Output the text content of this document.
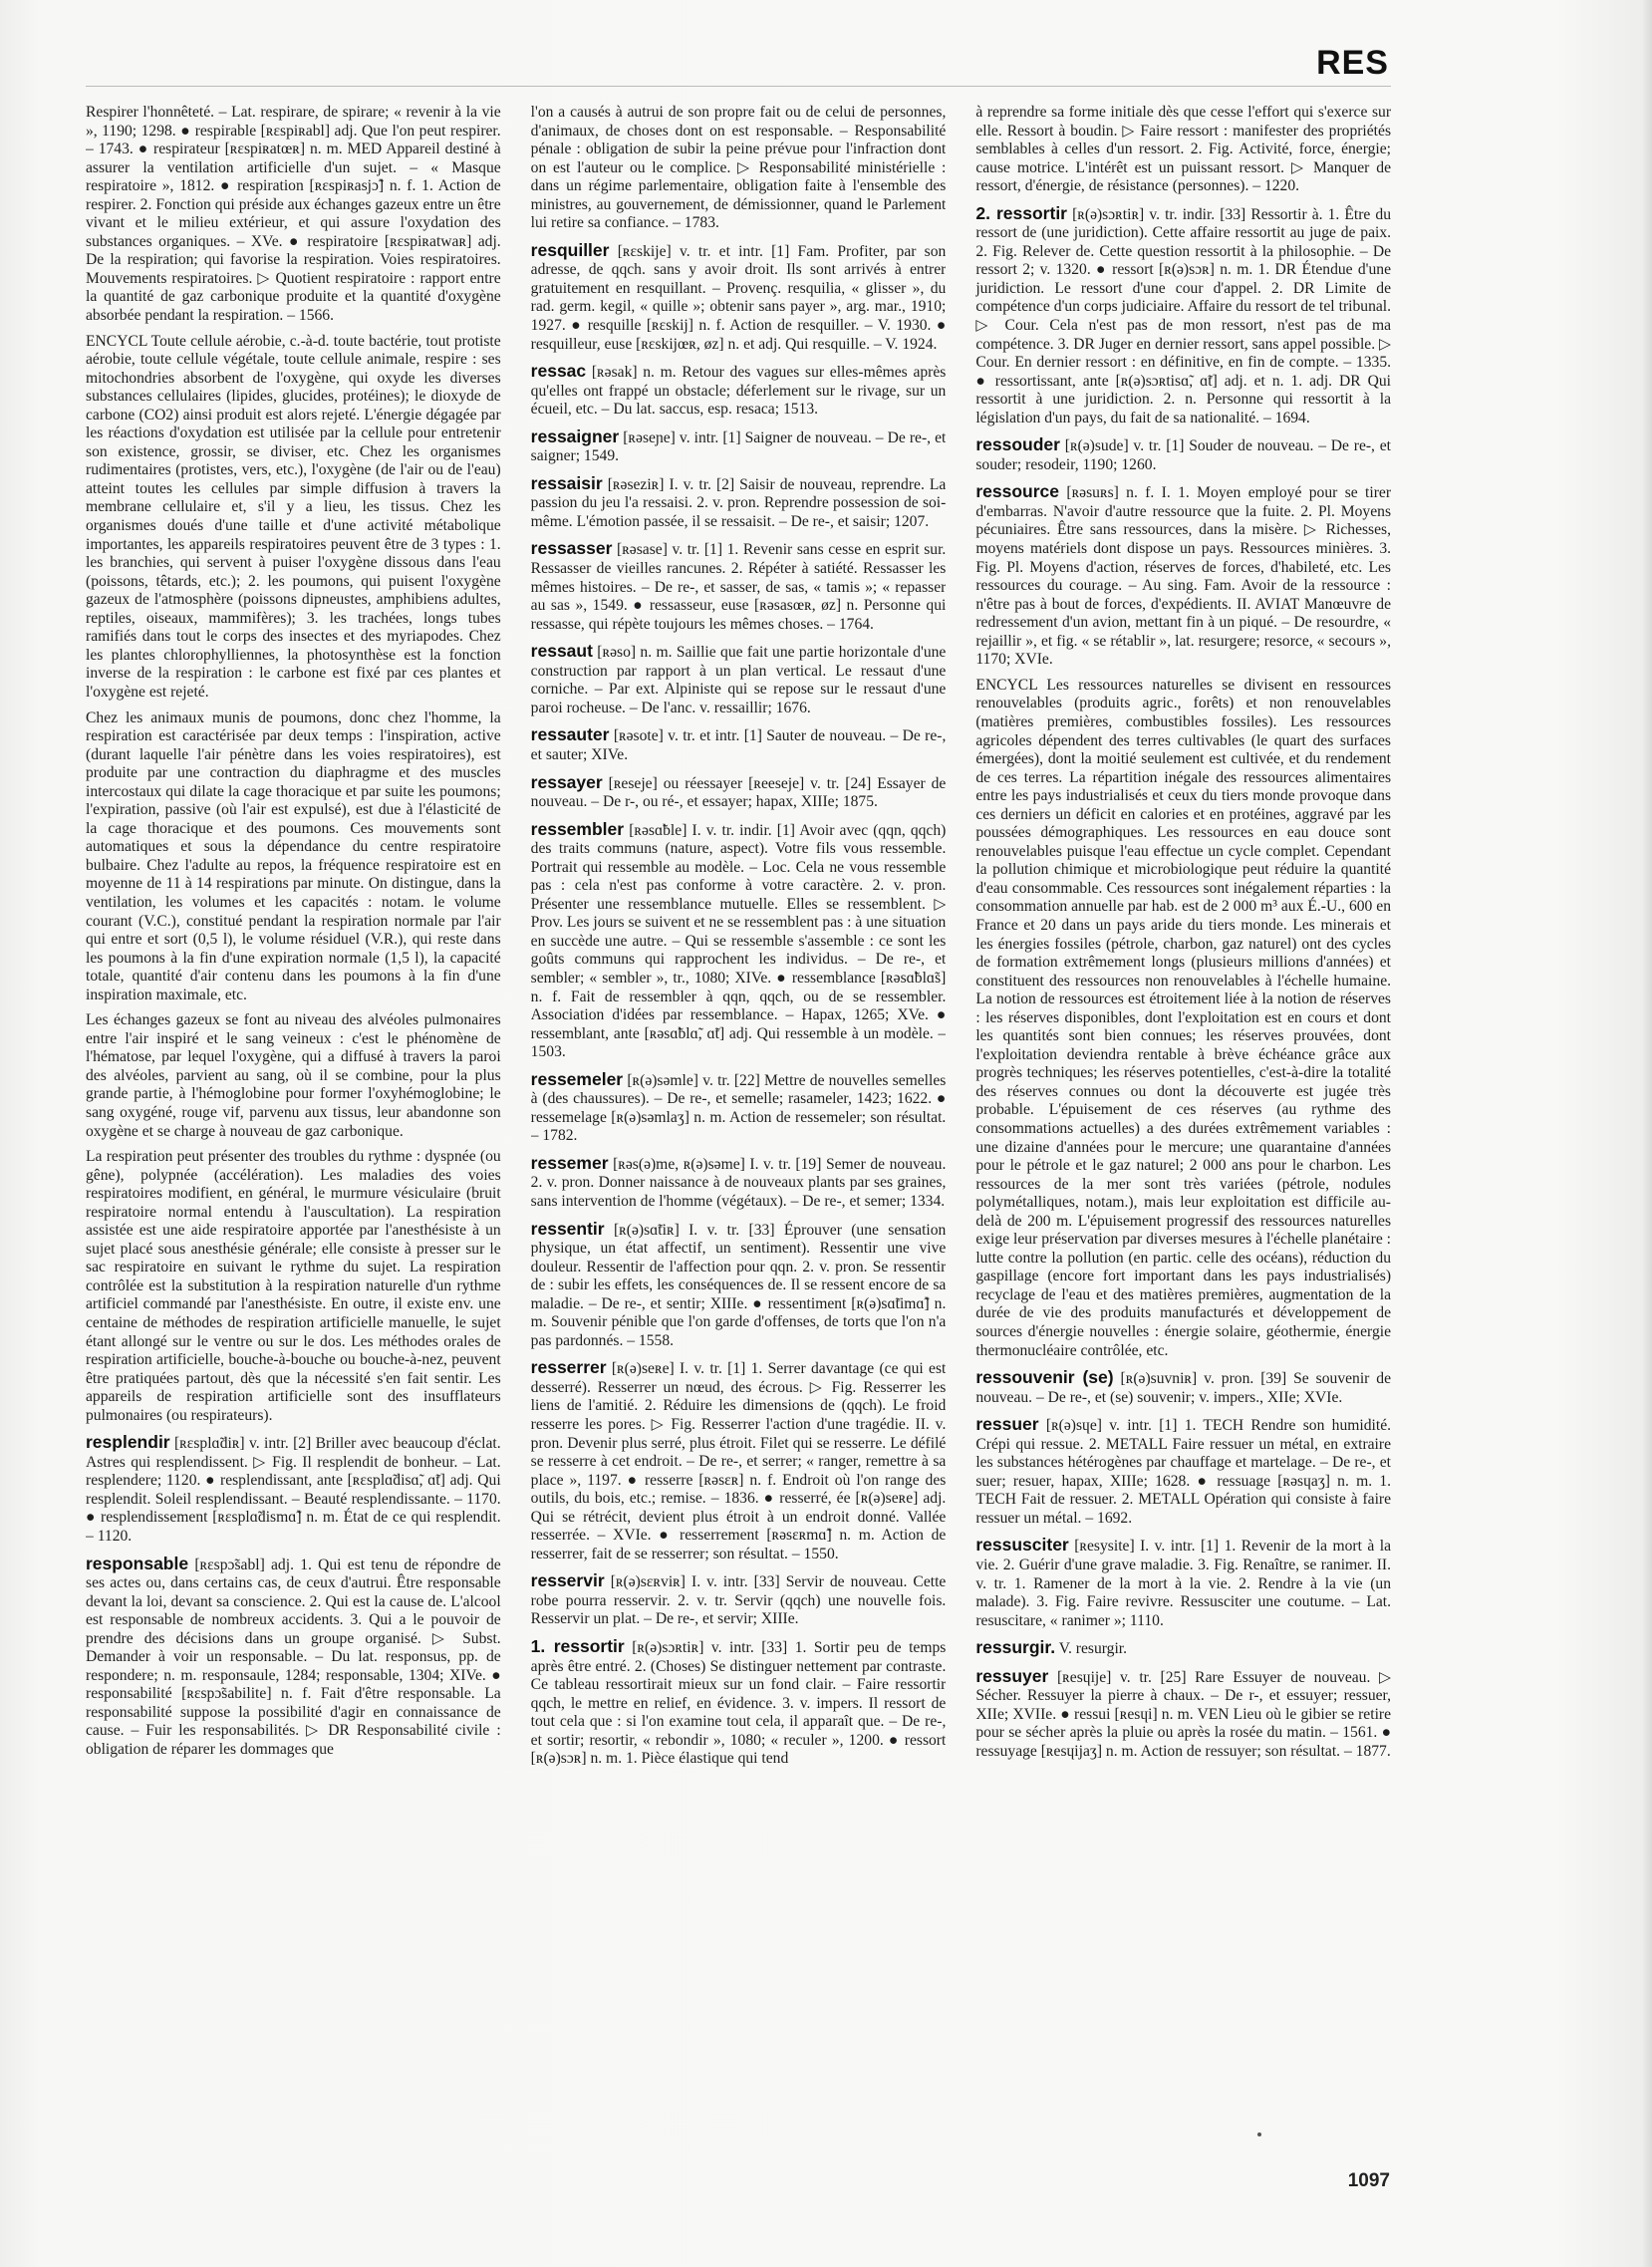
RES

Respirer l'honnêteté. – Lat. respirare, de spirare; « revenir à la vie », 1190; 1298. ● respirable [ʀɛspiʀabl] adj. Que l'on peut respirer. – 1743. ● respirateur [ʀɛspiʀatœʀ] n. m. MED Appareil destiné à assurer la ventilation artificielle d'un sujet. – « Masque respiratoire », 1812. ● respiration [ʀɛspiʀasjɔ̃] n. f. 1. Action de respirer. 2. Fonction qui préside aux échanges gazeux entre un être vivant et le milieu extérieur, et qui assure l'oxydation des substances organiques. – XVe. ● respiratoire [ʀɛspiʀatwaʀ] adj. De la respiration; qui favorise la respiration. Voies respiratoires. Mouvements respiratoires. ▷ Quotient respiratoire : rapport entre la quantité de gaz carbonique produite et la quantité d'oxygène absorbée pendant la respiration. – 1566.

ENCYCL Toute cellule aérobie, c.-à-d. toute bactérie, tout protiste aérobie, toute cellule végétale, toute cellule animale, respire : ses mitochondries absorbent de l'oxygène, qui oxyde les diverses substances cellulaires (lipides, glucides, protéines); le dioxyde de carbone (CO2) ainsi produit est alors rejeté. L'énergie dégagée par les réactions d'oxydation est utilisée par la cellule pour entretenir son existence, grossir, se diviser, etc. Chez les organismes rudimentaires (protistes, vers, etc.), l'oxygène (de l'air ou de l'eau) atteint toutes les cellules par simple diffusion à travers la membrane cellulaire et, s'il y a lieu, les tissus. Chez les organismes doués d'une taille et d'une activité métabolique importantes, les appareils respiratoires peuvent être de 3 types : 1. les branchies, qui servent à puiser l'oxygène dissous dans l'eau (poissons, têtards, etc.); 2. les poumons, qui puisent l'oxygène gazeux de l'atmosphère (poissons dipneustes, amphibiens adultes, reptiles, oiseaux, mammifères); 3. les trachées, longs tubes ramifiés dans tout le corps des insectes et des myriapodes. Chez les plantes chlorophylliennes, la photosynthèse est la fonction inverse de la respiration : le carbone est fixé par ces plantes et l'oxygène est rejeté.

Chez les animaux munis de poumons, donc chez l'homme, la respiration est caractérisée par deux temps : l'inspiration, active (durant laquelle l'air pénètre dans les voies respiratoires), est produite par une contraction du diaphragme et des muscles intercostaux qui dilate la cage thoracique et par suite les poumons; l'expiration, passive (où l'air est expulsé), est due à l'élasticité de la cage thoracique et des poumons. Ces mouvements sont automatiques et sous la dépendance du centre respiratoire bulbaire. Chez l'adulte au repos, la fréquence respiratoire est en moyenne de 11 à 14 respirations par minute. On distingue, dans la ventilation, les volumes et les capacités : notam. le volume courant (V.C.), constitué pendant la respiration normale par l'air qui entre et sort (0,5 l), le volume résiduel (V.R.), qui reste dans les poumons à la fin d'une expiration normale (1,5 l), la capacité totale, quantité d'air contenu dans les poumons à la fin d'une inspiration maximale, etc.

Les échanges gazeux se font au niveau des alvéoles pulmonaires entre l'air inspiré et le sang veineux : c'est le phénomène de l'hématose, par lequel l'oxygène, qui a diffusé à travers la paroi des alvéoles, parvient au sang, où il se combine, pour la plus grande partie, à l'hémoglobine pour former l'oxyhémoglobine; le sang oxygéné, rouge vif, parvenu aux tissus, leur abandonne son oxygène et se charge à nouveau de gaz carbonique.

La respiration peut présenter des troubles du rythme : dyspnée (ou gêne), polypnée (accélération). Les maladies des voies respiratoires modifient, en général, le murmure vésiculaire (bruit respiratoire normal entendu à l'auscultation). La respiration assistée est une aide respiratoire apportée par l'anesthésiste à un sujet placé sous anesthésie générale; elle consiste à presser sur le sac respiratoire en suivant le rythme du sujet. La respiration contrôlée est la substitution à la respiration naturelle d'un rythme artificiel commandé par l'anesthésiste. En outre, il existe env. une centaine de méthodes de respiration artificielle manuelle, le sujet étant allongé sur le ventre ou sur le dos. Les méthodes orales de respiration artificielle, bouche-à-bouche ou bouche-à-nez, peuvent être pratiquées partout, dès que la nécessité s'en fait sentir. Les appareils de respiration artificielle sont des insufflateurs pulmonaires (ou respirateurs).

resplendir [ʀɛsplɑ̃diʀ] v. intr. [2] Briller avec beaucoup d'éclat. Astres qui resplendissent. ▷ Fig. Il resplendit de bonheur. – Lat. resplendere; 1120. ● resplendissant, ante [ʀɛsplɑ̃disɑ̃, ɑ̃t] adj. Qui resplendit. Soleil resplendissant. – Beauté resplendissante. – 1170. ● resplendissement [ʀɛsplɑ̃dismɑ̃] n. m. État de ce qui resplendit. – 1120.

responsable [ʀɛspɔ̃sabl] adj. 1. Qui est tenu de répondre de ses actes ou, dans certains cas, de ceux d'autrui. Être responsable devant la loi, devant sa conscience. 2. Qui est la cause de. L'alcool est responsable de nombreux accidents. 3. Qui a le pouvoir de prendre des décisions dans un groupe organisé. ▷ Subst. Demander à voir un responsable. – Du lat. responsus, pp. de respondere; n. m. responsaule, 1284; responsable, 1304; XIVe. ● responsabilité [ʀɛspɔ̃sabilite] n. f. Fait d'être responsable. La responsabilité suppose la possibilité d'agir en connaissance de cause. – Fuir les responsabilités. ▷ DR Responsabilité civile : obligation de réparer les dommages que

l'on a causés à autrui de son propre fait ou de celui de personnes, d'animaux, de choses dont on est responsable. – Responsabilité pénale : obligation de subir la peine prévue pour l'infraction dont on est l'auteur ou le complice. ▷ Responsabilité ministérielle : dans un régime parlementaire, obligation faite à l'ensemble des ministres, au gouvernement, de démissionner, quand le Parlement lui retire sa confiance. – 1783.

resquiller [ʀɛskije] v. tr. et intr. [1] Fam. Profiter, par son adresse, de qqch. sans y avoir droit. Ils sont arrivés à entrer gratuitement en resquillant. – Provenç. resquilia, « glisser », du rad. germ. kegil, « quille »; obtenir sans payer », arg. mar., 1910; 1927. ● resquille [ʀɛskij] n. f. Action de resquiller. – V. 1930. ● resquilleur, euse [ʀɛskijœʀ, øz] n. et adj. Qui resquille. – V. 1924.

ressac [ʀəsak] n. m. Retour des vagues sur elles-mêmes après qu'elles ont frappé un obstacle; déferlement sur le rivage, sur un écueil, etc. – Du lat. saccus, esp. resaca; 1513.

ressaigner [ʀəseɲe] v. intr. [1] Saigner de nouveau. – De re-, et saigner; 1549.

ressaisir [ʀəseziʀ] I. v. tr. [2] Saisir de nouveau, reprendre. La passion du jeu l'a ressaisi. 2. v. pron. Reprendre possession de soi-même. L'émotion passée, il se ressaisit. – De re-, et saisir; 1207.

ressasser [ʀəsase] v. tr. [1] 1. Revenir sans cesse en esprit sur. Ressasser de vieilles rancunes. 2. Répéter à satiété. Ressasser les mêmes histoires. – De re-, et sasser, de sas, « tamis »; « repasser au sas », 1549. ● ressasseur, euse [ʀəsasœʀ, øz] n. Personne qui ressasse, qui répète toujours les mêmes choses. – 1764.

ressaut [ʀəso] n. m. Saillie que fait une partie horizontale d'une construction par rapport à un plan vertical. Le ressaut d'une corniche. – Par ext. Alpiniste qui se repose sur le ressaut d'une paroi rocheuse. – De l'anc. v. ressaillir; 1676.

ressauter [ʀəsote] v. tr. et intr. [1] Sauter de nouveau. – De re-, et sauter; XIVe.

ressayer [ʀeseje] ou réessayer [ʀeeseje] v. tr. [24] Essayer de nouveau. – De r-, ou ré-, et essayer; hapax, XIIIe; 1875.

ressembler [ʀəsɑ̃ble] I. v. tr. indir. [1] Avoir avec (qqn, qqch) des traits communs (nature, aspect). Votre fils vous ressemble. Portrait qui ressemble au modèle. – Loc. Cela ne vous ressemble pas : cela n'est pas conforme à votre caractère. 2. v. pron. Présenter une ressemblance mutuelle. Elles se ressemblent. ▷ Prov. Les jours se suivent et ne se ressemblent pas : à une situation en succède une autre. – Qui se ressemble s'assemble : ce sont les goûts communs qui rapprochent les individus. – De re-, et sembler; « sembler », tr., 1080; XIVe. ● ressemblance [ʀəsɑ̃blɑ̃s] n. f. Fait de ressembler à qqn, qqch, ou de se ressembler. Association d'idées par ressemblance. – Hapax, 1265; XVe. ● ressemblant, ante [ʀəsɑ̃blɑ̃, ɑ̃t] adj. Qui ressemble à un modèle. – 1503.

ressemeler [ʀ(ə)səmle] v. tr. [22] Mettre de nouvelles semelles à (des chaussures). – De re-, et semelle; rasameler, 1423; 1622. ● ressemelage [ʀ(ə)səmlaʒ] n. m. Action de ressemeler; son résultat. – 1782.

ressemer [ʀəs(ə)me, ʀ(ə)səme] I. v. tr. [19] Semer de nouveau. 2. v. pron. Donner naissance à de nouveaux plants par ses graines, sans intervention de l'homme (végétaux). – De re-, et semer; 1334.

ressentir [ʀ(ə)sɑ̃tiʀ] I. v. tr. [33] Éprouver (une sensation physique, un état affectif, un sentiment). Ressentir une vive douleur. Ressentir de l'affection pour qqn. 2. v. pron. Se ressentir de : subir les effets, les conséquences de. Il se ressent encore de sa maladie. – De re-, et sentir; XIIIe. ● ressentiment [ʀ(ə)sɑ̃timɑ̃] n. m. Souvenir pénible que l'on garde d'offenses, de torts que l'on n'a pas pardonnés. – 1558.

resserrer [ʀ(ə)seʀe] I. v. tr. [1] 1. Serrer davantage (ce qui est desserré). Resserrer un nœud, des écrous. ▷ Fig. Resserrer les liens de l'amitié. 2. Réduire les dimensions de (qqch). Le froid resserre les pores. ▷ Fig. Resserrer l'action d'une tragédie. II. v. pron. Devenir plus serré, plus étroit. Filet qui se resserre. Le défilé se resserre à cet endroit. – De re-, et serrer; « ranger, remettre à sa place », 1197. ● resserre [ʀəsɛʀ] n. f. Endroit où l'on range des outils, du bois, etc.; remise. – 1836. ● resserré, ée [ʀ(ə)seʀe] adj. Qui se rétrécit, devient plus étroit à un endroit donné. Vallée resserrée. – XVIe. ● resserrement [ʀəsɛʀmɑ̃] n. m. Action de resserrer, fait de se resserrer; son résultat. – 1550.

resservir [ʀ(ə)sɛʀviʀ] I. v. intr. [33] Servir de nouveau. Cette robe pourra resservir. 2. v. tr. Servir (qqch) une nouvelle fois. Resservir un plat. – De re-, et servir; XIIIe.

1. ressortir [ʀ(ə)sɔʀtiʀ] v. intr. [33] 1. Sortir peu de temps après être entré. 2. (Choses) Se distinguer nettement par contraste. Ce tableau ressortirait mieux sur un fond clair. – Faire ressortir qqch, le mettre en relief, en évidence. 3. v. impers. Il ressort de tout cela que : si l'on examine tout cela, il apparaît que. – De re-, et sortir; resortir, « rebondir », 1080; « reculer », 1200. ● ressort [ʀ(ə)sɔʀ] n. m. 1. Pièce élastique qui tend

à reprendre sa forme initiale dès que cesse l'effort qui s'exerce sur elle. Ressort à boudin. ▷ Faire ressort : manifester des propriétés semblables à celles d'un ressort. 2. Fig. Activité, force, énergie; cause motrice. L'intérêt est un puissant ressort. ▷ Manquer de ressort, d'énergie, de résistance (personnes). – 1220.

2. ressortir [ʀ(ə)sɔʀtiʀ] v. tr. indir. [33] Ressortir à. 1. Être du ressort de (une juridiction). Cette affaire ressortit au juge de paix. 2. Fig. Relever de. Cette question ressortit à la philosophie. – De ressort 2; v. 1320. ● ressort [ʀ(ə)sɔʀ] n. m. 1. DR Étendue d'une juridiction. Le ressort d'une cour d'appel. 2. DR Limite de compétence d'un corps judiciaire. Affaire du ressort de tel tribunal. ▷ Cour. Cela n'est pas de mon ressort, n'est pas de ma compétence. 3. DR Juger en dernier ressort, sans appel possible. ▷ Cour. En dernier ressort : en définitive, en fin de compte. – 1335. ● ressortissant, ante [ʀ(ə)sɔʀtisɑ̃, ɑ̃t] adj. et n. 1. adj. DR Qui ressortit à une juridiction. 2. n. Personne qui ressortit à la législation d'un pays, du fait de sa nationalité. – 1694.

ressouder [ʀ(ə)sude] v. tr. [1] Souder de nouveau. – De re-, et souder; resodeir, 1190; 1260.

ressource [ʀəsuʀs] n. f. I. 1. Moyen employé pour se tirer d'embarras. N'avoir d'autre ressource que la fuite. 2. Pl. Moyens pécuniaires. Être sans ressources, dans la misère. ▷ Richesses, moyens matériels dont dispose un pays. Ressources minières. 3. Fig. Pl. Moyens d'action, réserves de forces, d'habileté, etc. Les ressources du courage. – Au sing. Fam. Avoir de la ressource : n'être pas à bout de forces, d'expédients. II. AVIAT Manœuvre de redressement d'un avion, mettant fin à un piqué. – De resourdre, « rejaillir », et fig. « se rétablir », lat. resurgere; resorce, « secours », 1170; XVIe.

ENCYCL Les ressources naturelles se divisent en ressources renouvelables (produits agric., forêts) et non renouvelables (matières premières, combustibles fossiles). Les ressources agricoles dépendent des terres cultivables (le quart des surfaces émergées), dont la moitié seulement est cultivée, et du rendement de ces terres. La répartition inégale des ressources alimentaires entre les pays industrialisés et ceux du tiers monde provoque dans ces derniers un déficit en calories et en protéines, aggravé par les poussées démographiques. Les ressources en eau douce sont renouvelables puisque l'eau effectue un cycle complet. Cependant la pollution chimique et microbiologique peut réduire la quantité d'eau consommable. Ces ressources sont inégalement réparties : la consommation annuelle par hab. est de 2 000 m³ aux É.-U., 600 en France et 20 dans un pays aride du tiers monde. Les minerais et les énergies fossiles (pétrole, charbon, gaz naturel) ont des cycles de formation extrêmement longs (plusieurs millions d'années) et constituent des ressources non renouvelables à l'échelle humaine. La notion de ressources est étroitement liée à la notion de réserves : les réserves disponibles, dont l'exploitation est en cours et dont les quantités sont bien connues; les réserves prouvées, dont l'exploitation deviendra rentable à brève échéance grâce aux progrès techniques; les réserves potentielles, c'est-à-dire la totalité des réserves connues ou dont la découverte est jugée très probable. L'épuisement de ces réserves (au rythme des consommations actuelles) a des durées extrêmement variables : une dizaine d'années pour le mercure; une quarantaine d'années pour le pétrole et le gaz naturel; 2 000 ans pour le charbon. Les ressources de la mer sont très variées (pétrole, nodules polymétalliques, notam.), mais leur exploitation est difficile au-delà de 200 m. L'épuisement progressif des ressources naturelles exige leur préservation par diverses mesures à l'échelle planétaire : lutte contre la pollution (en partic. celle des océans), réduction du gaspillage (encore fort important dans les pays industrialisés) recyclage de l'eau et des matières premières, augmentation de la durée de vie des produits manufacturés et développement de sources d'énergie nouvelles : énergie solaire, géothermie, énergie thermonucléaire contrôlée, etc.

ressouvenir (se) [ʀ(ə)suvniʀ] v. pron. [39] Se souvenir de nouveau. – De re-, et (se) souvenir; v. impers., XIIe; XVIe.

ressuer [ʀ(ə)sɥe] v. intr. [1] 1. TECH Rendre son humidité. Crépi qui ressue. 2. METALL Faire ressuer un métal, en extraire les substances hétérogènes par chauffage et martelage. – De re-, et suer; resuer, hapax, XIIIe; 1628. ● ressuage [ʀəsɥaʒ] n. m. 1. TECH Fait de ressuer. 2. METALL Opération qui consiste à faire ressuer un métal. – 1692.

ressusciter [ʀesysite] I. v. intr. [1] 1. Revenir de la mort à la vie. 2. Guérir d'une grave maladie. 3. Fig. Renaître, se ranimer. II. v. tr. 1. Ramener de la mort à la vie. 2. Rendre à la vie (un malade). 3. Fig. Faire revivre. Ressusciter une coutume. – Lat. resuscitare, « ranimer »; 1110.

ressurgir. V. resurgir.

ressuyer [ʀesɥije] v. tr. [25] Rare Essuyer de nouveau. ▷ Sécher. Ressuyer la pierre à chaux. – De r-, et essuyer; ressuer, XIIe; XVIIe. ● ressui [ʀesɥi] n. m. VEN Lieu où le gibier se retire pour se sécher après la pluie ou après la rosée du matin. – 1561. ● ressuyage [ʀesɥijaʒ] n. m. Action de ressuyer; son résultat. – 1877.

1097
